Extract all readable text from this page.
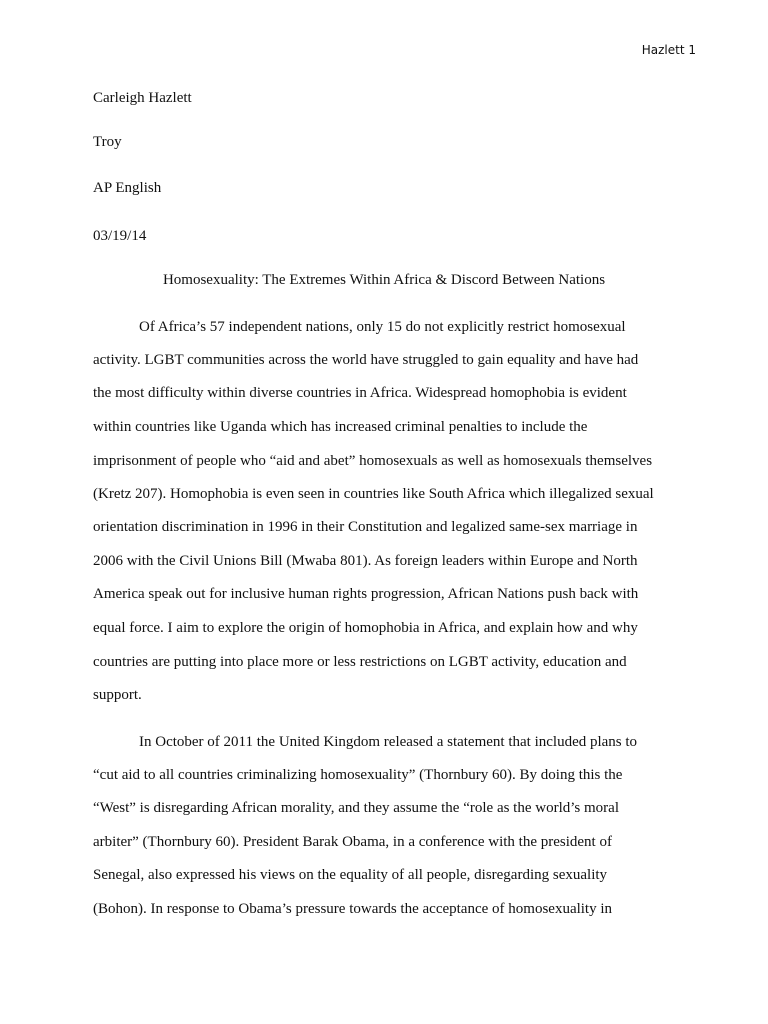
Hazlett 1
Carleigh Hazlett
Troy
AP English
03/19/14
Homosexuality: The Extremes Within Africa & Discord Between Nations
Of Africa’s 57 independent nations, only 15 do not explicitly restrict homosexual
activity. LGBT communities across the world have struggled to gain equality and have had
the most difficulty within diverse countries in Africa. Widespread homophobia is evident
within countries like Uganda which has increased criminal penalties to include the
imprisonment of people who “aid and abet” homosexuals as well as homosexuals themselves
(Kretz 207). Homophobia is even seen in countries like South Africa which illegalized sexual
orientation discrimination in 1996 in their Constitution and legalized same-sex marriage in
2006 with the Civil Unions Bill (Mwaba 801). As foreign leaders within Europe and North
America speak out for inclusive human rights progression, African Nations push back with
equal force. I aim to explore the origin of homophobia in Africa, and explain how and why
countries are putting into place more or less restrictions on LGBT activity, education and
support.
In October of 2011 the United Kingdom released a statement that included plans to
“cut aid to all countries criminalizing homosexuality” (Thornbury 60). By doing this the
“West” is disregarding African morality, and they assume the “role as the world’s moral
arbiter” (Thornbury 60). President Barak Obama, in a conference with the president of
Senegal, also expressed his views on the equality of all people, disregarding sexuality
(Bohon). In response to Obama’s pressure towards the acceptance of homosexuality in
